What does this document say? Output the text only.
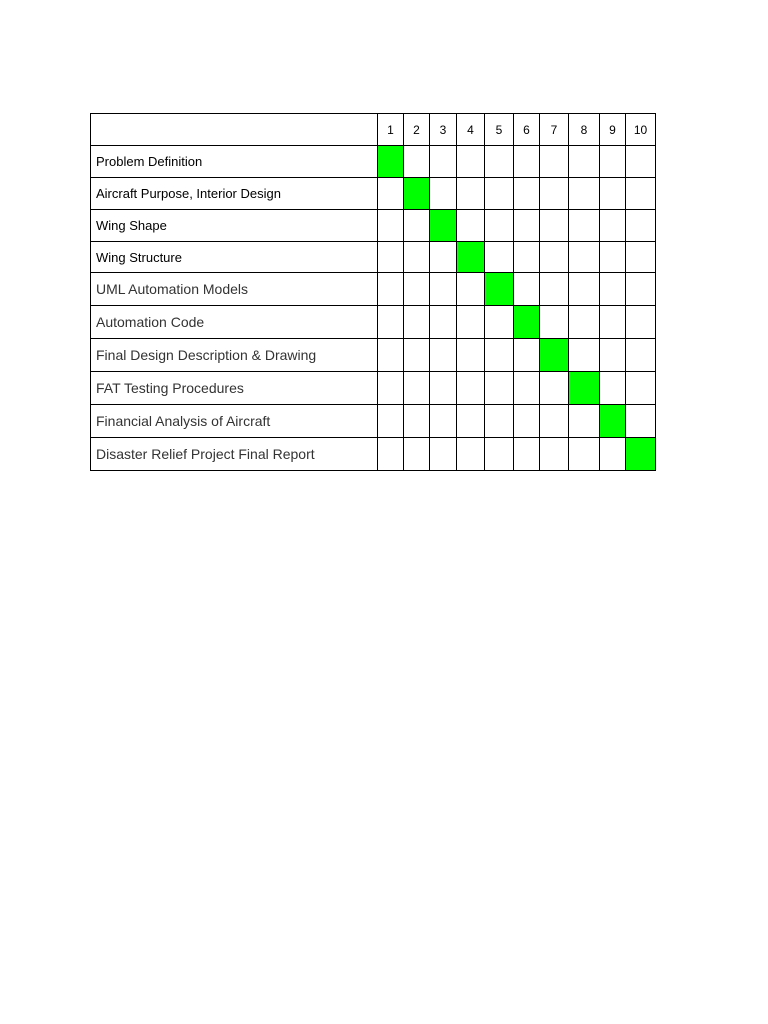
	1	2	3	4	5	6	7	8	9	10
Problem Definition										
Aircraft Purpose, Interior Design										
Wing Shape										
Wing Structure										
UML Automation Models										
Automation Code										
Final Design Description & Drawing										
FAT Testing Procedures										
Financial Analysis of Aircraft										
Disaster Relief Project Final Report										
